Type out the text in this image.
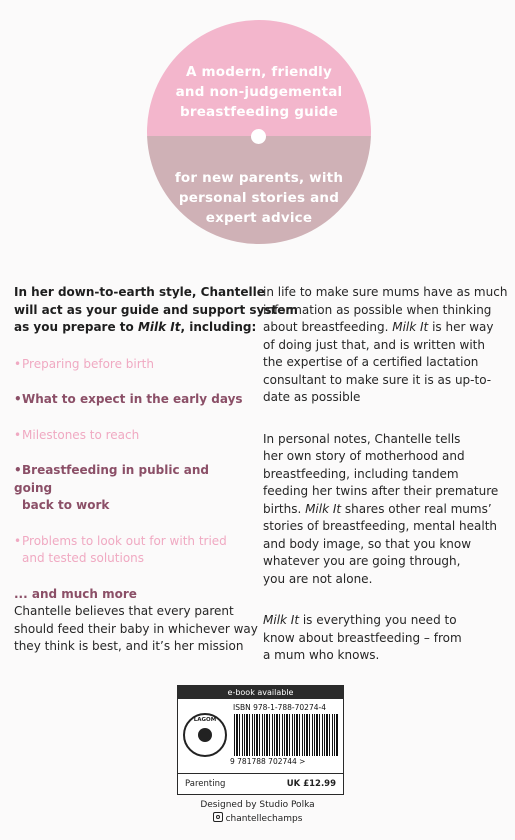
A modern, friendly
and non-judgemental
breastfeeding guide
for new parents, with
personal stories and
expert advice

In her down-to-earth style, Chantelle
will act as your guide and support system
as you prepare to Milk It, including:

•Preparing before birth
•What to expect in the early days
•Milestones to reach
•Breastfeeding in public and going
back to work
•Problems to look out for with tried
and tested solutions

... and much more

Chantelle believes that every parent
should feed their baby in whichever way
they think is best, and it’s her mission

in life to make sure mums have as much
information as possible when thinking
about breastfeeding. Milk It is her way
of doing just that, and is written with
the expertise of a certified lactation
consultant to make sure it is as up-to-
date as possible

In personal notes, Chantelle tells
her own story of motherhood and
breastfeeding, including tandem
feeding her twins after their premature
births. Milk It shares other real mums’
stories of breastfeeding, mental health
and body image, so that you know
whatever you are going through,
you are not alone.

Milk It is everything you need to
know about breastfeeding – from
a mum who knows.

e-book available
ISBN 978-1-788-70274-4
LAGOM
9 781788 702744 >
Parenting	UK £12.99
Designed by Studio Polka
chantellechamps
